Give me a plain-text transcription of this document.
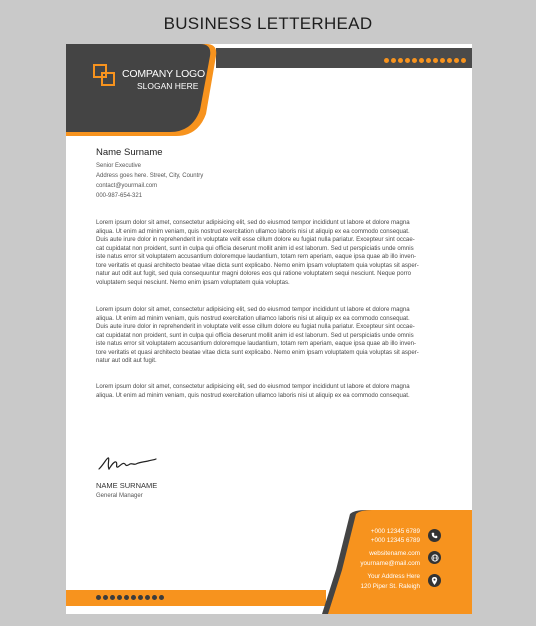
BUSINESS LETTERHEAD
COMPANY LOGO
SLOGAN HERE
Name Surname
Senior Executive
Address goes here. Street, City, Country
contact@yourmail.com
000-987-654-321
Lorem ipsum dolor sit amet, consectetur adipisicing elit, sed do eiusmod tempor incididunt ut labore et dolore magna
aliqua. Ut enim ad minim veniam, quis nostrud exercitation ullamco laboris nisi ut aliquip ex ea commodo consequat.
Duis aute irure dolor in reprehenderit in voluptate velit esse cillum dolore eu fugiat nulla pariatur. Excepteur sint occae-
cat cupidatat non proident, sunt in culpa qui officia deserunt mollit anim id est laborum. Sed ut perspiciatis unde omnis
iste natus error sit voluptatem accusantium doloremque laudantium, totam rem aperiam, eaque ipsa quae ab illo inven-
tore veritatis et quasi architecto beatae vitae dicta sunt explicabo. Nemo enim ipsam voluptatem quia voluptas sit asper-
natur aut odit aut fugit, sed quia consequuntur magni dolores eos qui ratione voluptatem sequi nesciunt. Neque porro
voluptatem sequi nesciunt. Nemo enim ipsam voluptatem quia voluptas.
Lorem ipsum dolor sit amet, consectetur adipisicing elit, sed do eiusmod tempor incididunt ut labore et dolore magna
aliqua. Ut enim ad minim veniam, quis nostrud exercitation ullamco laboris nisi ut aliquip ex ea commodo consequat.
Duis aute irure dolor in reprehenderit in voluptate velit esse cillum dolore eu fugiat nulla pariatur. Excepteur sint occae-
cat cupidatat non proident, sunt in culpa qui officia deserunt mollit anim id est laborum. Sed ut perspiciatis unde omnis
iste natus error sit voluptatem accusantium doloremque laudantium, totam rem aperiam, eaque ipsa quae ab illo inven-
tore veritatis et quasi architecto beatae vitae dicta sunt explicabo. Nemo enim ipsam voluptatem quia voluptas sit asper-
natur aut odit aut fugit.
Lorem ipsum dolor sit amet, consectetur adipisicing elit, sed do eiusmod tempor incididunt ut labore et dolore magna
aliqua. Ut enim ad minim veniam, quis nostrud exercitation ullamco laboris nisi ut aliquip ex ea commodo consequat.
NAME SURNAME
General Manager
+000 12345 6789
+000 12345 6789
websitename.com
yourname@mail.com
Your Address Here
120 Piper St. Raleigh
